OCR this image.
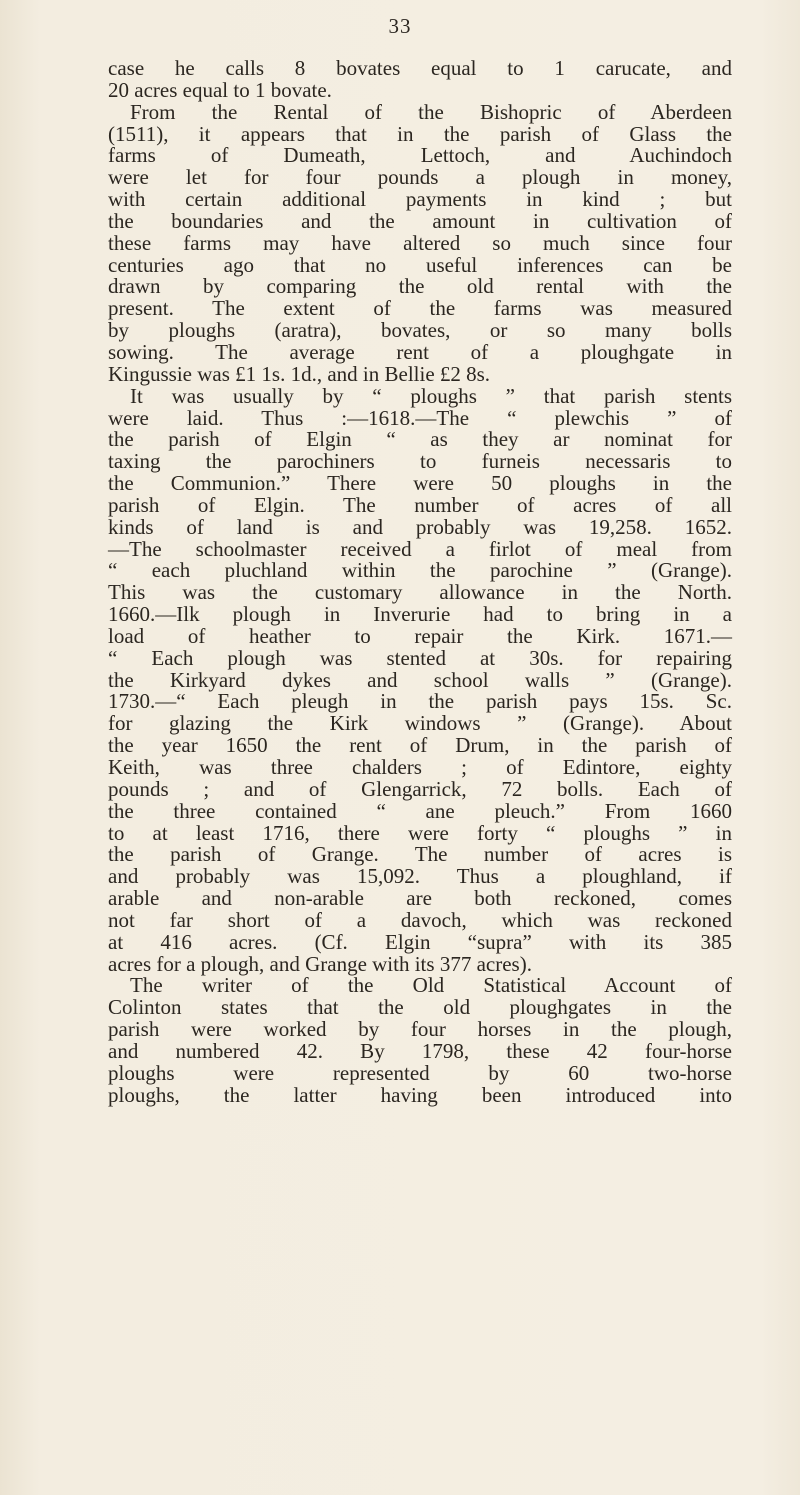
33
case he calls 8 bovates equal to 1 carucate, and
20 acres equal to 1 bovate.
From the Rental of the Bishopric of Aberdeen
(1511), it appears that in the parish of Glass the
farms of Dumeath, Lettoch, and Auchindoch
were let for four pounds a plough in money,
with certain additional payments in kind ; but
the boundaries and the amount in cultivation of
these farms may have altered so much since four
centuries ago that no useful inferences can be
drawn by comparing the old rental with the
present. The extent of the farms was measured
by ploughs (aratra), bovates, or so many bolls
sowing. The average rent of a ploughgate in
Kingussie was £1 1s. 1d., and in Bellie £2 8s.
It was usually by “ ploughs ” that parish stents
were laid. Thus :—1618.—The “ plewchis ” of
the parish of Elgin “ as they ar nominat for
taxing the parochiners to furneis necessaris to
the Communion.” There were 50 ploughs in the
parish of Elgin. The number of acres of all
kinds of land is and probably was 19,258. 1652.
—The schoolmaster received a firlot of meal from
“ each pluchland within the parochine ” (Grange).
This was the customary allowance in the North.
1660.—Ilk plough in Inverurie had to bring in a
load of heather to repair the Kirk. 1671.—
“ Each plough was stented at 30s. for repairing
the Kirkyard dykes and school walls ” (Grange).
1730.—“ Each pleugh in the parish pays 15s. Sc.
for glazing the Kirk windows ” (Grange). About
the year 1650 the rent of Drum, in the parish of
Keith, was three chalders ; of Edintore, eighty
pounds ; and of Glengarrick, 72 bolls. Each of
the three contained “ ane pleuch.” From 1660
to at least 1716, there were forty “ ploughs ” in
the parish of Grange. The number of acres is
and probably was 15,092. Thus a ploughland, if
arable and non-arable are both reckoned, comes
not far short of a davoch, which was reckoned
at 416 acres. (Cf. Elgin “supra” with its 385
acres for a plough, and Grange with its 377 acres).
The writer of the Old Statistical Account of
Colinton states that the old ploughgates in the
parish were worked by four horses in the plough,
and numbered 42. By 1798, these 42 four-horse
ploughs were represented by 60 two-horse
ploughs, the latter having been introduced into
